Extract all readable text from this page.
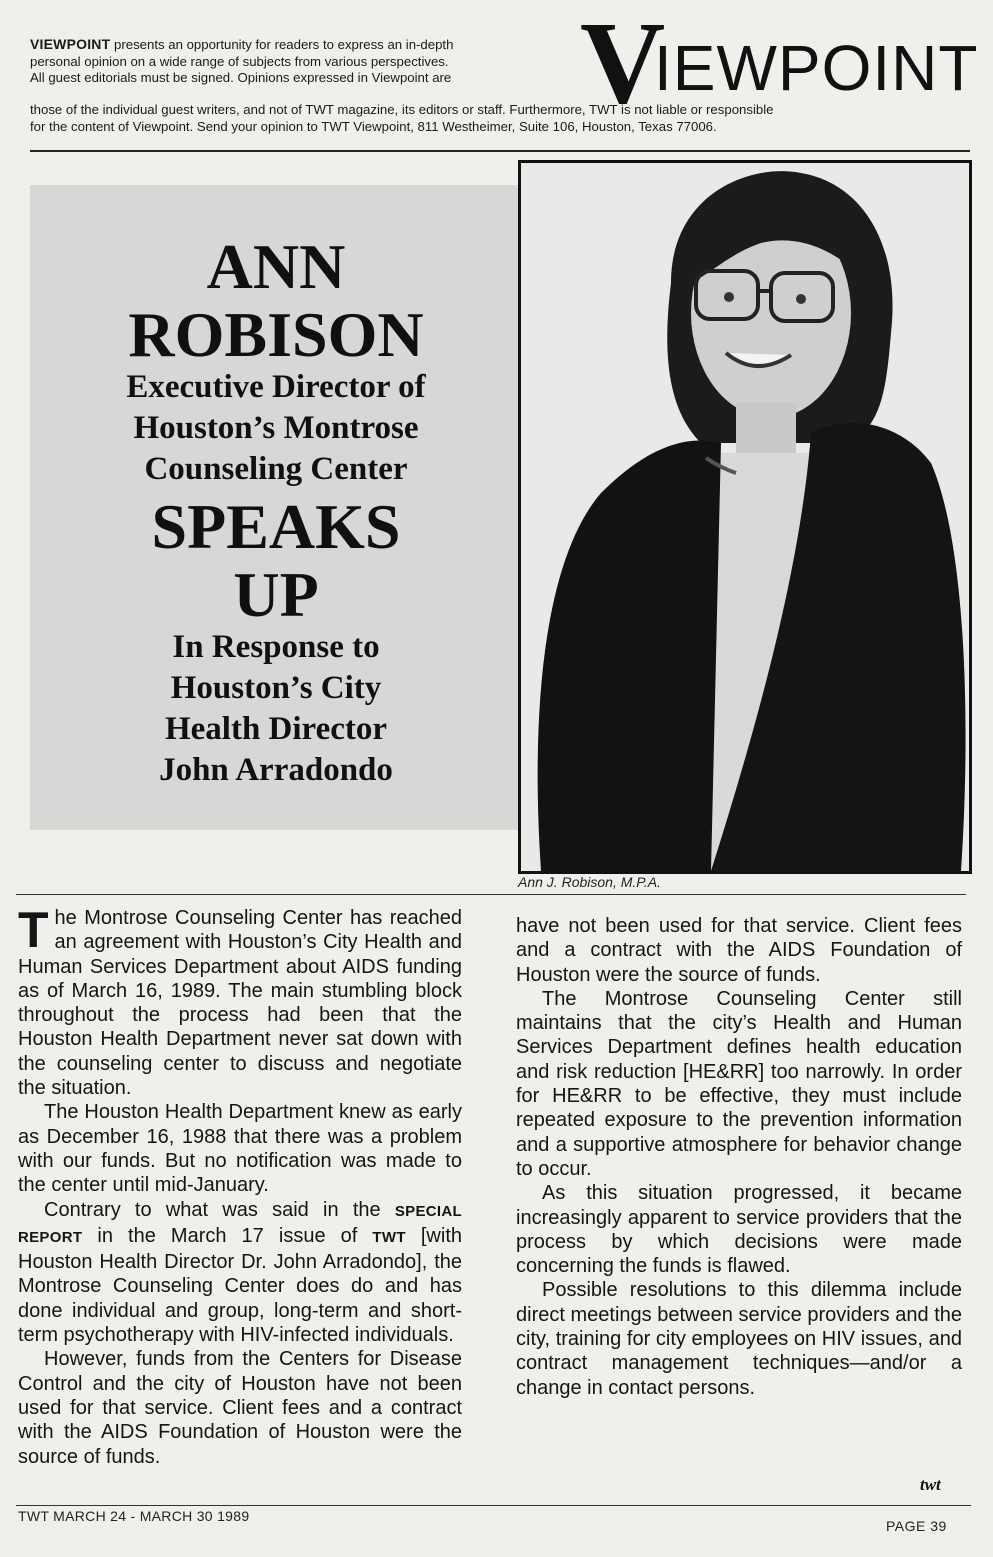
VIEWPOINT presents an opportunity for readers to express an in-depth
personal opinion on a wide range of subjects from various perspectives.
All guest editorials must be signed. Opinions expressed in Viewpoint are
those of the individual guest writers, and not of TWT magazine, its editors or staff. Furthermore, TWT is not liable or responsible
for the content of Viewpoint. Send your opinion to TWT Viewpoint, 811 Westheimer, Suite 106, Houston, Texas 77006.
V
IEWPOINT
ANN
ROBISON
Executive Director of
Houston’s Montrose
Counseling Center
SPEAKS
UP
In Response to
Houston’s City
Health Director
John Arradondo
Ann J. Robison, M.P.A.

The Montrose Counseling Center has reached an agreement with Houston’s City Health and Human Services Department about AIDS funding as of March 16, 1989. The main stumbling block throughout the process had been that the Houston Health Department never sat down with the counseling center to discuss and negotiate the situation.

The Houston Health Department knew as early as December 16, 1988 that there was a problem with our funds. But no notification was made to the center until mid-January.

Contrary to what was said in the SPECIAL REPORT in the March 17 issue of TWT [with Houston Health Director Dr. John Arradondo], the Montrose Counseling Center does do and has done individual and group, long-term and short-term psychotherapy with HIV-infected individuals.

However, funds from the Centers for Disease Control and the city of Houston have not been used for that service. Client fees and a contract with the AIDS Foundation of Houston were the source of funds.

have not been used for that service. Client fees and a contract with the AIDS Foundation of Houston were the source of funds.

The Montrose Counseling Center still maintains that the city’s Health and Human Services Department defines health education and risk reduction [HE&RR] too narrowly. In order for HE&RR to be effective, they must include repeated exposure to the prevention information and a supportive atmosphere for behavior change to occur.

As this situation progressed, it became increasingly apparent to service providers that the process by which decisions were made concerning the funds is flawed.

Possible resolutions to this dilemma include direct meetings between service providers and the city, training for city employees on HIV issues, and contract management techniques—and/or a change in contact persons.

twt
TWT MARCH 24 - MARCH 30 1989
PAGE 39
